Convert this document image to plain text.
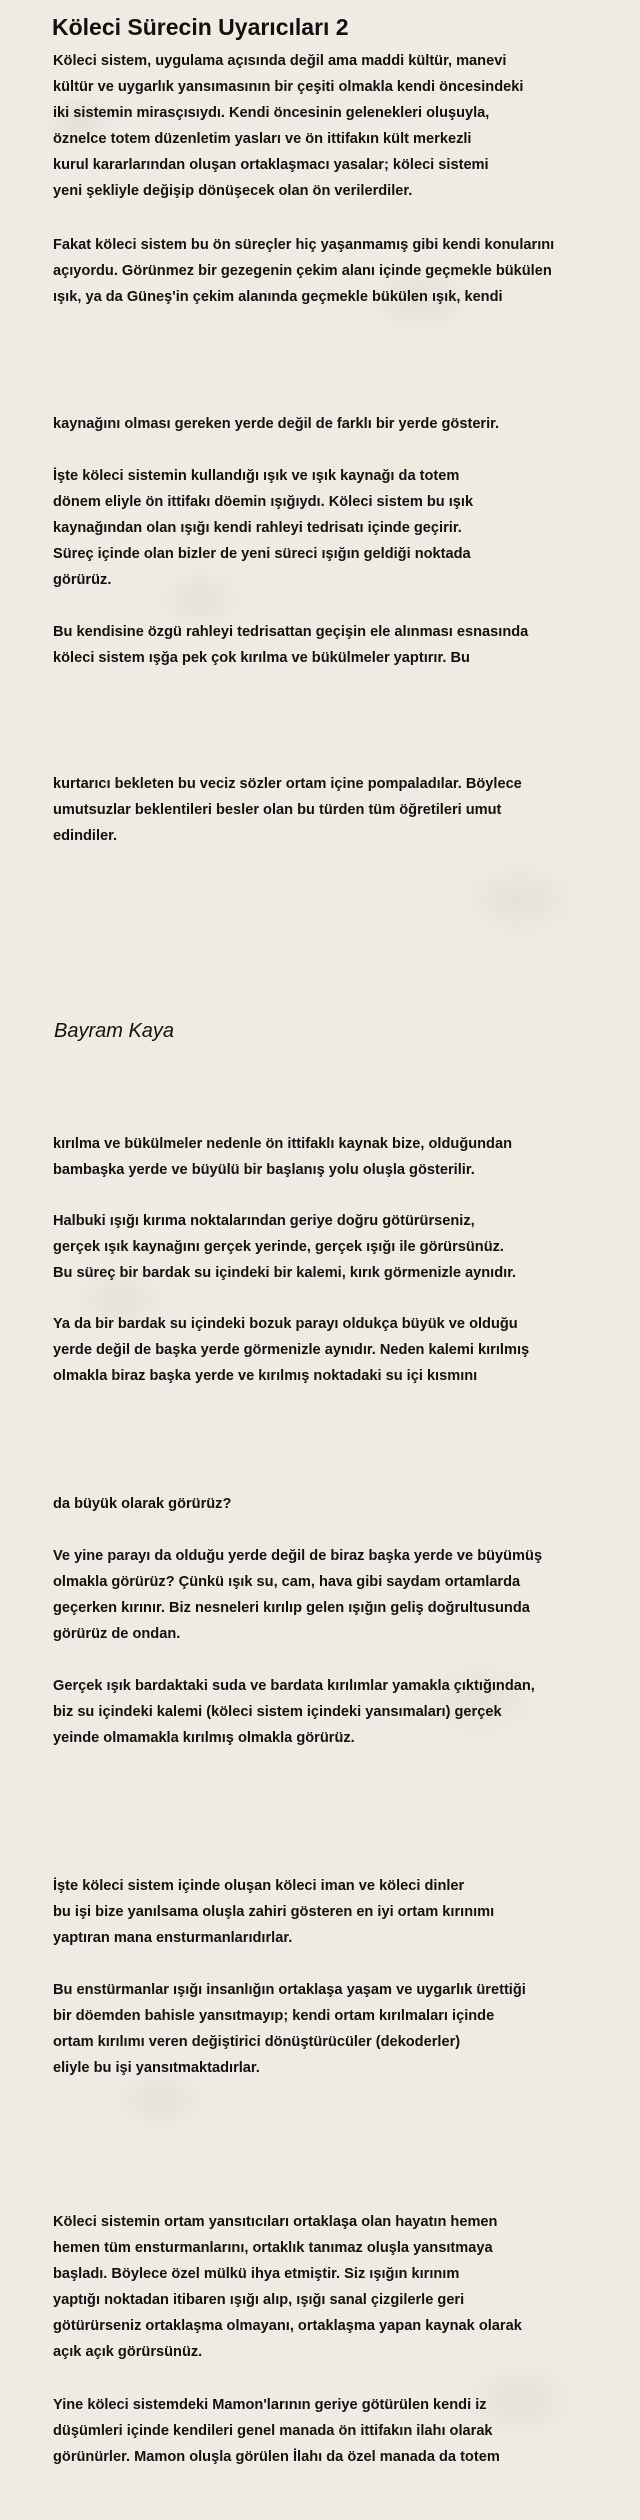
Köleci Sürecin Uyarıcıları 2
Köleci sistem, uygulama açısında değil ama maddi kültür, manevi
kültür ve uygarlık yansımasının bir çeşiti olmakla kendi öncesindeki
iki sistemin mirasçısıydı. Kendi öncesinin gelenekleri oluşuyla,
öznelce totem düzenletim yasları ve ön ittifakın kült merkezli
kurul kararlarından oluşan ortaklaşmacı yasalar; köleci sistemi
yeni şekliyle değişip dönüşecek olan ön verilerdiler.
Fakat köleci sistem bu ön süreçler hiç yaşanmamış gibi kendi konularını
açıyordu. Görünmez bir gezegenin çekim alanı içinde geçmekle bükülen
ışık, ya da Güneş'in çekim alanında geçmekle bükülen ışık, kendi
kaynağını olması gereken yerde değil de farklı bir yerde gösterir.
İşte köleci sistemin kullandığı ışık ve ışık kaynağı da totem
dönem eliyle ön ittifakı döemin ışığıydı. Köleci sistem bu ışık
kaynağından olan ışığı kendi rahleyi tedrisatı içinde geçirir.
Süreç içinde olan bizler de yeni süreci ışığın geldiği noktada
görürüz.
Bu kendisine özgü rahleyi tedrisattan geçişin ele alınması esnasında
köleci sistem ışğa pek çok kırılma ve bükülmeler yaptırır. Bu
kurtarıcı bekleten bu veciz sözler ortam içine pompaladılar. Böylece
umutsuzlar beklentileri besler olan bu türden tüm öğretileri umut
edindiler.

Bayram Kaya

kırılma ve bükülmeler nedenle ön ittifaklı kaynak bize, olduğundan
bambaşka yerde ve büyülü bir başlanış yolu oluşla gösterilir.
Halbuki ışığı kırıma noktalarından geriye doğru götürürseniz,
gerçek ışık kaynağını gerçek yerinde, gerçek ışığı ile görürsünüz.
Bu süreç bir bardak su içindeki bir kalemi, kırık görmenizle aynıdır.
Ya da bir bardak su içindeki bozuk parayı oldukça büyük ve olduğu
yerde değil de başka yerde görmenizle aynıdır. Neden kalemi kırılmış
olmakla biraz başka yerde ve kırılmış noktadaki su içi kısmını
da büyük olarak görürüz?
Ve yine parayı da olduğu yerde değil de biraz başka yerde ve büyümüş
olmakla görürüz? Çünkü ışık su, cam, hava gibi saydam ortamlarda
geçerken kırınır. Biz nesneleri kırılıp gelen ışığın geliş doğrultusunda
görürüz de ondan.
Gerçek ışık bardaktaki suda ve bardata kırılımlar yamakla çıktığından,
biz su içindeki kalemi (köleci sistem içindeki yansımaları) gerçek
yeinde olmamakla kırılmış olmakla görürüz.
İşte köleci sistem içinde oluşan köleci iman ve köleci dinler
bu işi bize yanılsama oluşla zahiri gösteren en iyi ortam kırınımı
yaptıran mana ensturmanlarıdırlar.
Bu enstürmanlar ışığı insanlığın ortaklaşa yaşam ve uygarlık ürettiği
bir döemden bahisle yansıtmayıp; kendi ortam kırılmaları içinde
ortam kırılımı veren değiştirici dönüştürücüler (dekoderler)
eliyle bu işi yansıtmaktadırlar.
Köleci sistemin ortam yansıtıcıları ortaklaşa olan hayatın hemen
hemen tüm ensturmanlarını, ortaklık tanımaz oluşla yansıtmaya
başladı. Böylece özel mülkü ihya etmiştir. Siz ışığın kırınım
yaptığı noktadan itibaren ışığı alıp, ışığı sanal çizgilerle geri
götürürseniz ortaklaşma olmayanı, ortaklaşma yapan kaynak olarak
açık açık görürsünüz.
Yine köleci sistemdeki Mamon'larının geriye götürülen kendi iz
düşümleri içinde kendileri genel manada ön ittifakın ilahı olarak
görünürler. Mamon oluşla görülen İlahı da özel manada da totem
